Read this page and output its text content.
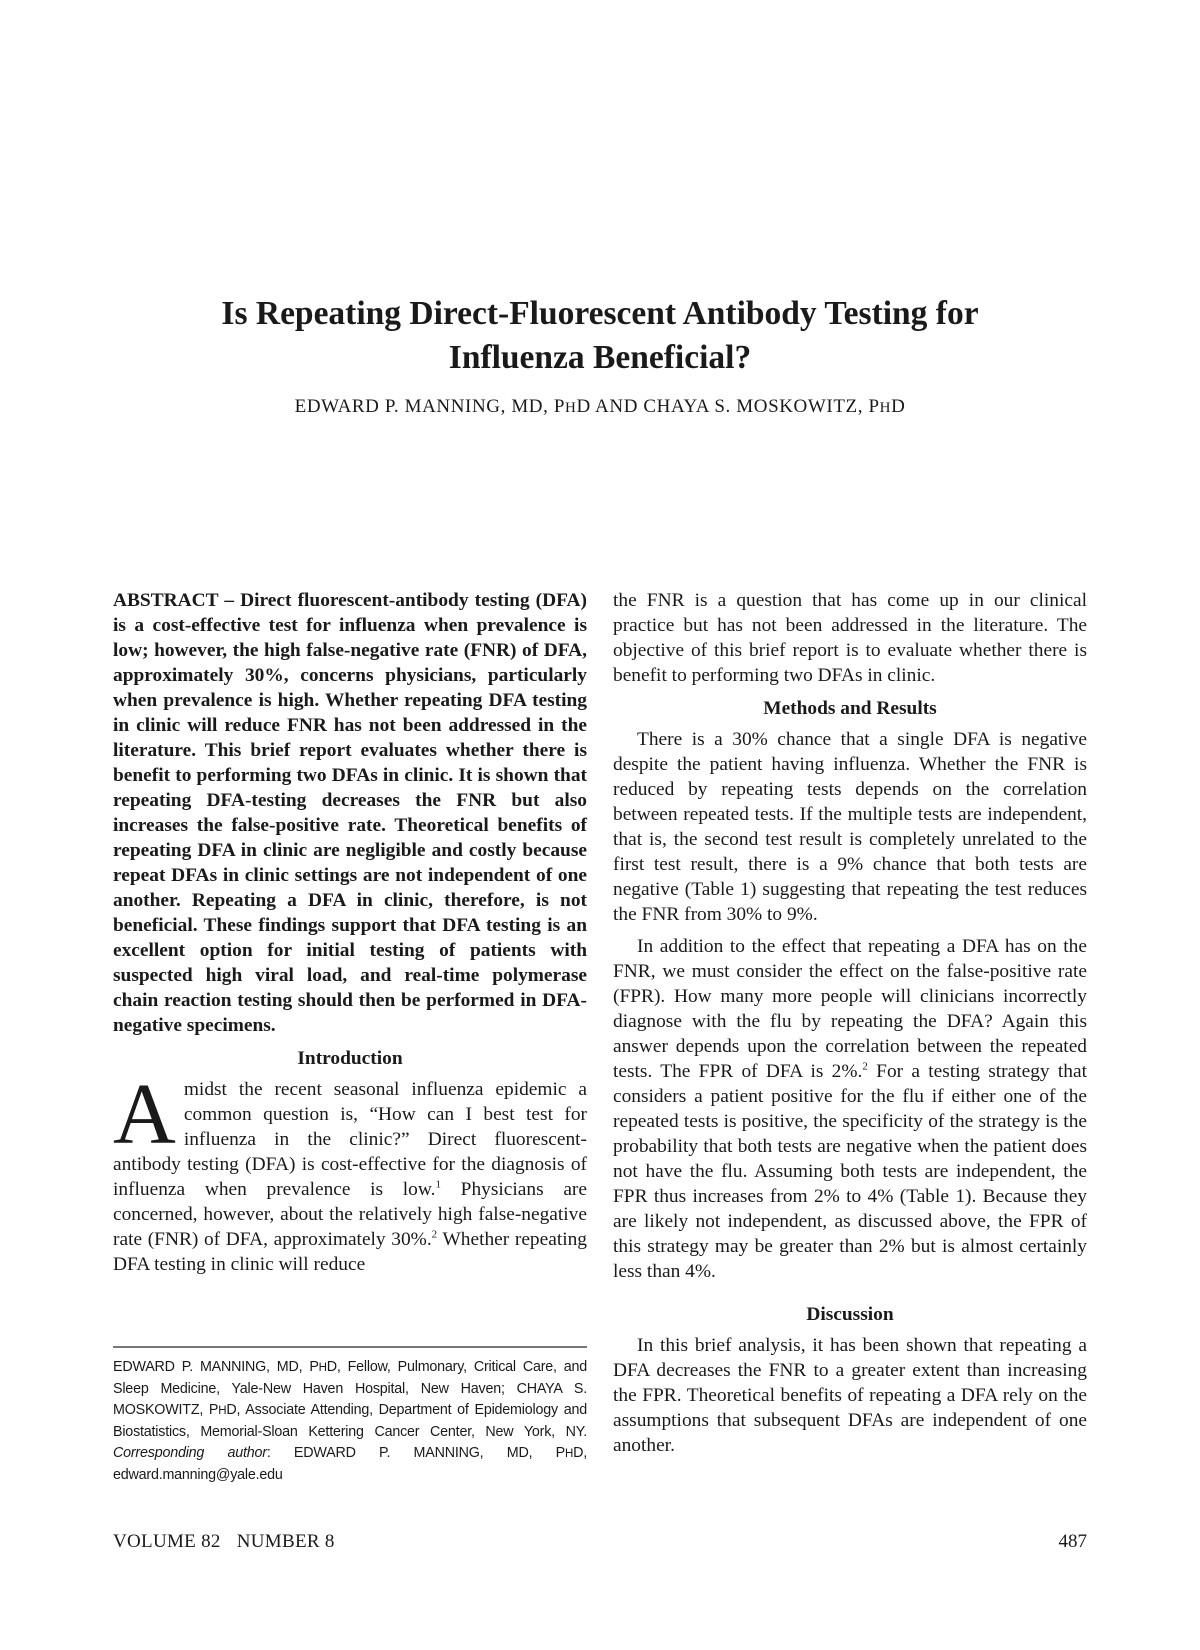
Is Repeating Direct-Fluorescent Antibody Testing for Influenza Beneficial?

EDWARD P. MANNING, MD, PHD AND CHAYA S. MOSKOWITZ, PHD

ABSTRACT – Direct fluorescent-antibody testing (DFA) is a cost-effective test for influenza when prevalence is low; however, the high false-negative rate (FNR) of DFA, approximately 30%, concerns physicians, particularly when prevalence is high. Whether repeating DFA testing in clinic will reduce FNR has not been addressed in the literature. This brief report evaluates whether there is benefit to performing two DFAs in clinic. It is shown that repeating DFA-testing decreases the FNR but also increases the false-positive rate. Theoretical benefits of repeating DFA in clinic are negligible and costly because repeat DFAs in clinic settings are not independent of one another. Repeating a DFA in clinic, therefore, is not beneficial. These findings support that DFA testing is an excellent option for initial testing of patients with suspected high viral load, and real-time polymerase chain reaction testing should then be performed in DFA-negative specimens.

Introduction

Amidst the recent seasonal influenza epidemic a common question is, “How can I best test for influenza in the clinic?” Direct fluorescent-antibody testing (DFA) is cost-effective for the diagnosis of influenza when prevalence is low.$^1$ Physicians are concerned, however, about the relatively high false-negative rate (FNR) of DFA, approximately 30%.$^2$ Whether repeating DFA testing in clinic will reduce

the FNR is a question that has come up in our clinical practice but has not been addressed in the literature. The objective of this brief report is to evaluate whether there is benefit to performing two DFAs in clinic.

Methods and Results

There is a 30% chance that a single DFA is negative despite the patient having influenza. Whether the FNR is reduced by repeating tests depends on the correlation between repeated tests. If the multiple tests are independent, that is, the second test result is completely unrelated to the first test result, there is a 9% chance that both tests are negative (Table 1) suggesting that repeating the test reduces the FNR from 30% to 9%.

In addition to the effect that repeating a DFA has on the FNR, we must consider the effect on the false-positive rate (FPR). How many more people will clinicians incorrectly diagnose with the flu by repeating the DFA? Again this answer depends upon the correlation between the repeated tests. The FPR of DFA is 2%.$^2$ For a testing strategy that considers a patient positive for the flu if either one of the repeated tests is positive, the specificity of the strategy is the probability that both tests are negative when the patient does not have the flu. Assuming both tests are independent, the FPR thus increases from 2% to 4% (Table 1). Because they are likely not independent, as discussed above, the FPR of this strategy may be greater than 2% but is almost certainly less than 4%.

Discussion

In this brief analysis, it has been shown that repeating a DFA decreases the FNR to a greater extent than increasing the FPR. Theoretical benefits of repeating a DFA rely on the assumptions that subsequent DFAs are independent of one another.

EDWARD P. MANNING, MD, PHD, Fellow, Pulmonary, Critical Care, and Sleep Medicine, Yale-New Haven Hospital, New Haven; CHAYA S. MOSKOWITZ, PHD, Associate Attending, Department of Epidemiology and Biostatistics, Memorial-Sloan Kettering Cancer Center, New York, NY. Corresponding author: EDWARD P. MANNING, MD, PHD, edward.manning@yale.edu

VOLUME 82 NUMBER 8	487
